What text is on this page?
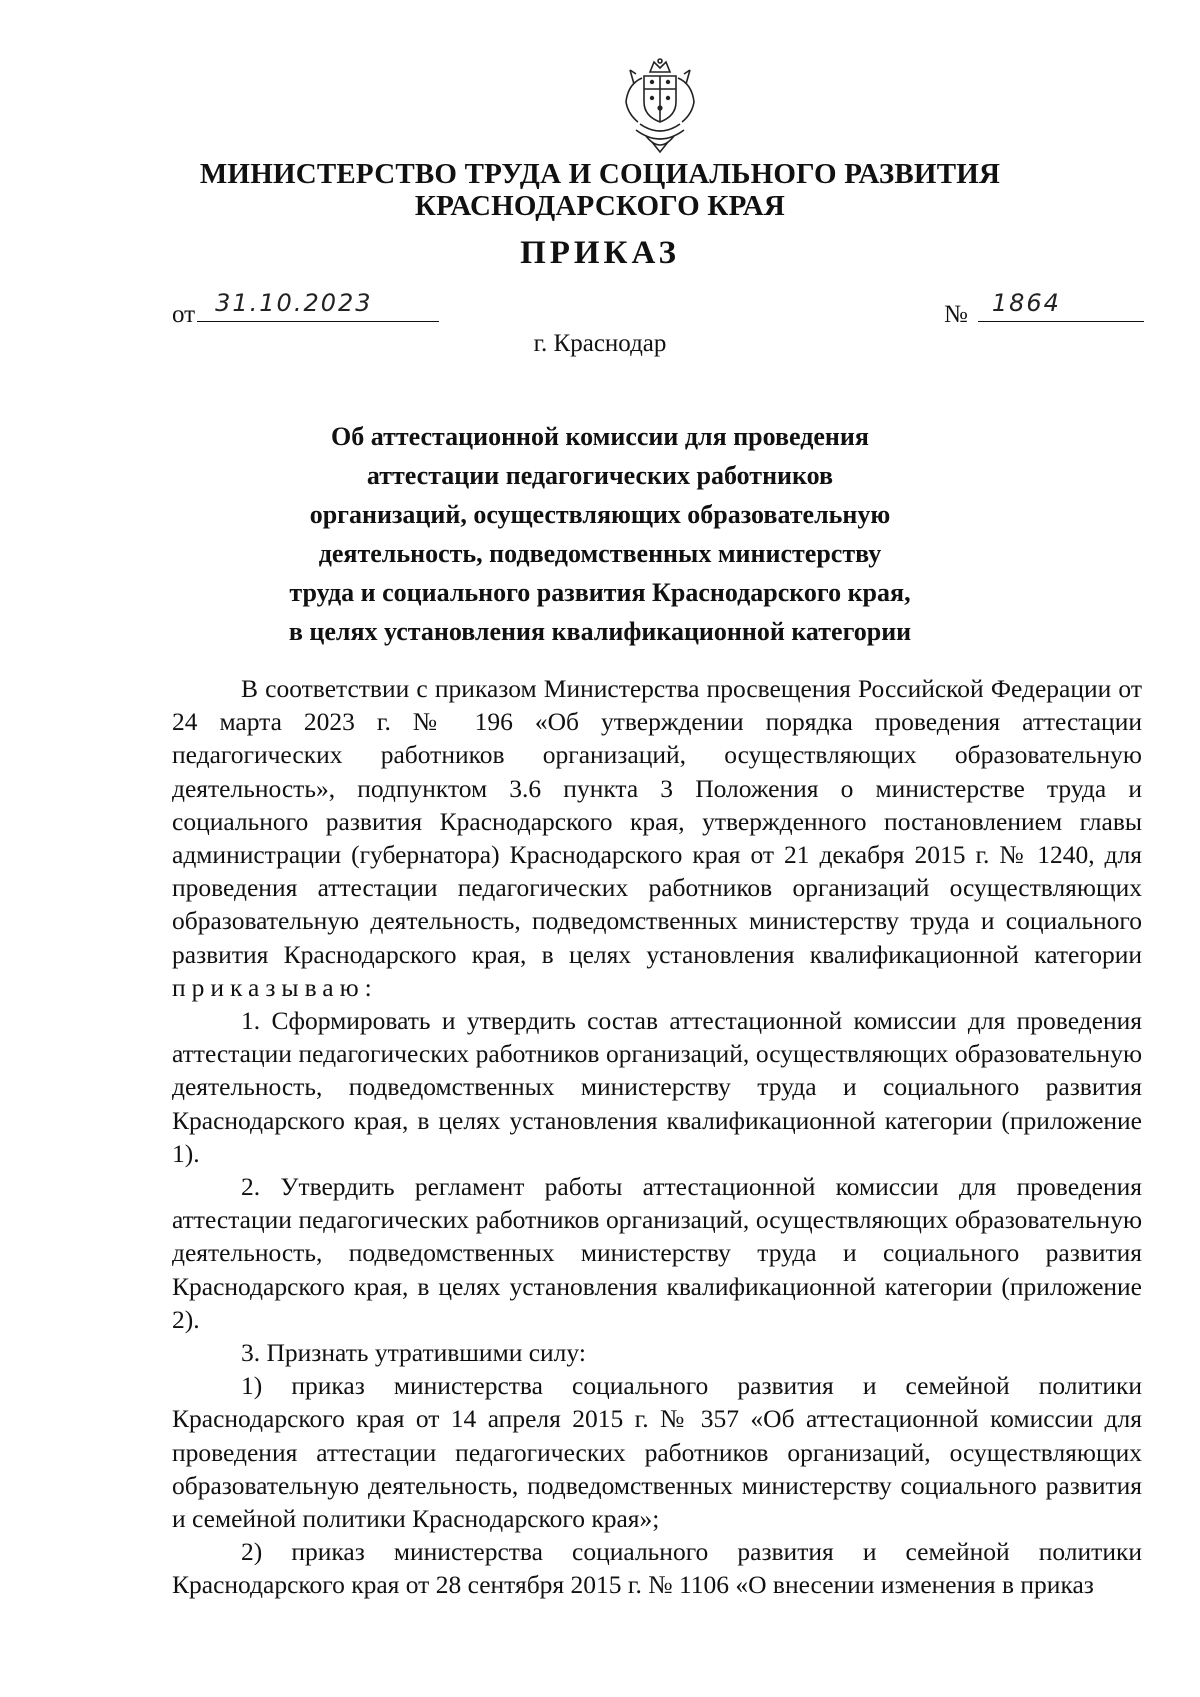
МИНИСТЕРСТВО ТРУДА И СОЦИАЛЬНОГО РАЗВИТИЯ
КРАСНОДАРСКОГО КРАЯ
ПРИКАЗ
от 31.10.2023	№ 1864
г. Краснодар
Об аттестационной комиссии для проведения
аттестации педагогических работников
организаций, осуществляющих образовательную
деятельность, подведомственных министерству
труда и социального развития Краснодарского края,
в целях установления квалификационной категории

В соответствии с приказом Министерства просвещения Российской Федерации от 24 марта 2023 г. № 196 «Об утверждении порядка проведения аттестации педагогических работников организаций, осуществляющих образовательную деятельность», подпунктом 3.6 пункта 3 Положения о министерстве труда и социального развития Краснодарского края, утвержденного постановлением главы администрации (губернатора) Краснодарского края от 21 декабря 2015 г. № 1240, для проведения аттестации педагогических работников организаций осуществляющих образовательную деятельность, подведомственных министерству труда и социального развития Краснодарского края, в целях установления квалификационной категории приказываю:

1. Сформировать и утвердить состав аттестационной комиссии для проведения аттестации педагогических работников организаций, осуществляющих образовательную деятельность, подведомственных министерству труда и социального развития Краснодарского края, в целях установления квалификационной категории (приложение 1).

2. Утвердить регламент работы аттестационной комиссии для проведения аттестации педагогических работников организаций, осуществляющих образовательную деятельность, подведомственных министерству труда и социального развития Краснодарского края, в целях установления квалификационной категории (приложение 2).

3. Признать утратившими силу:

1) приказ министерства социального развития и семейной политики Краснодарского края от 14 апреля 2015 г. № 357 «Об аттестационной комиссии для проведения аттестации педагогических работников организаций, осуществляющих образовательную деятельность, подведомственных министерству социального развития и семейной политики Краснодарского края»;

2) приказ министерства социального развития и семейной политики Краснодарского края от 28 сентября 2015 г. № 1106 «О внесении изменения в приказ
